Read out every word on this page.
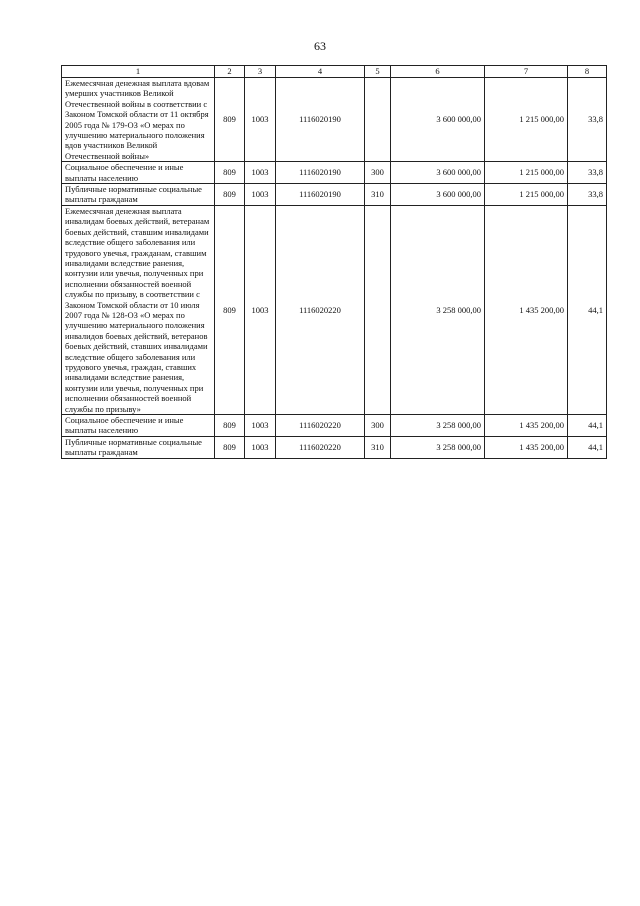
63
1	2	3	4	5	6	7	8
Ежемесячная денежная выплата вдовам умерших участников Великой Отечественной войны в соответствии с Законом Томской области от 11 октября 2005 года № 179-ОЗ «О мерах по улучшению материального положения вдов участников Великой Отечественной войны»	809	1003	1116020190		3 600 000,00	1 215 000,00	33,8
Социальное обеспечение и иные выплаты населению	809	1003	1116020190	300	3 600 000,00	1 215 000,00	33,8
Публичные нормативные социальные выплаты гражданам	809	1003	1116020190	310	3 600 000,00	1 215 000,00	33,8
Ежемесячная денежная выплата инвалидам боевых действий, ветеранам боевых действий, ставшим инвалидами вследствие общего заболевания или трудового увечья, гражданам, ставшим инвалидами вследствие ранения, контузии или увечья, полученных при исполнении обязанностей военной службы по призыву, в соответствии с Законом Томской области от 10 июля 2007 года № 128-ОЗ «О мерах по улучшению материального положения инвалидов боевых действий, ветеранов боевых действий, ставших инвалидами вследствие общего заболевания или трудового увечья, граждан, ставших инвалидами вследствие ранения, контузии или увечья, полученных при исполнении обязанностей военной службы по призыву»	809	1003	1116020220		3 258 000,00	1 435 200,00	44,1
Социальное обеспечение и иные выплаты населению	809	1003	1116020220	300	3 258 000,00	1 435 200,00	44,1
Публичные нормативные социальные выплаты гражданам	809	1003	1116020220	310	3 258 000,00	1 435 200,00	44,1
